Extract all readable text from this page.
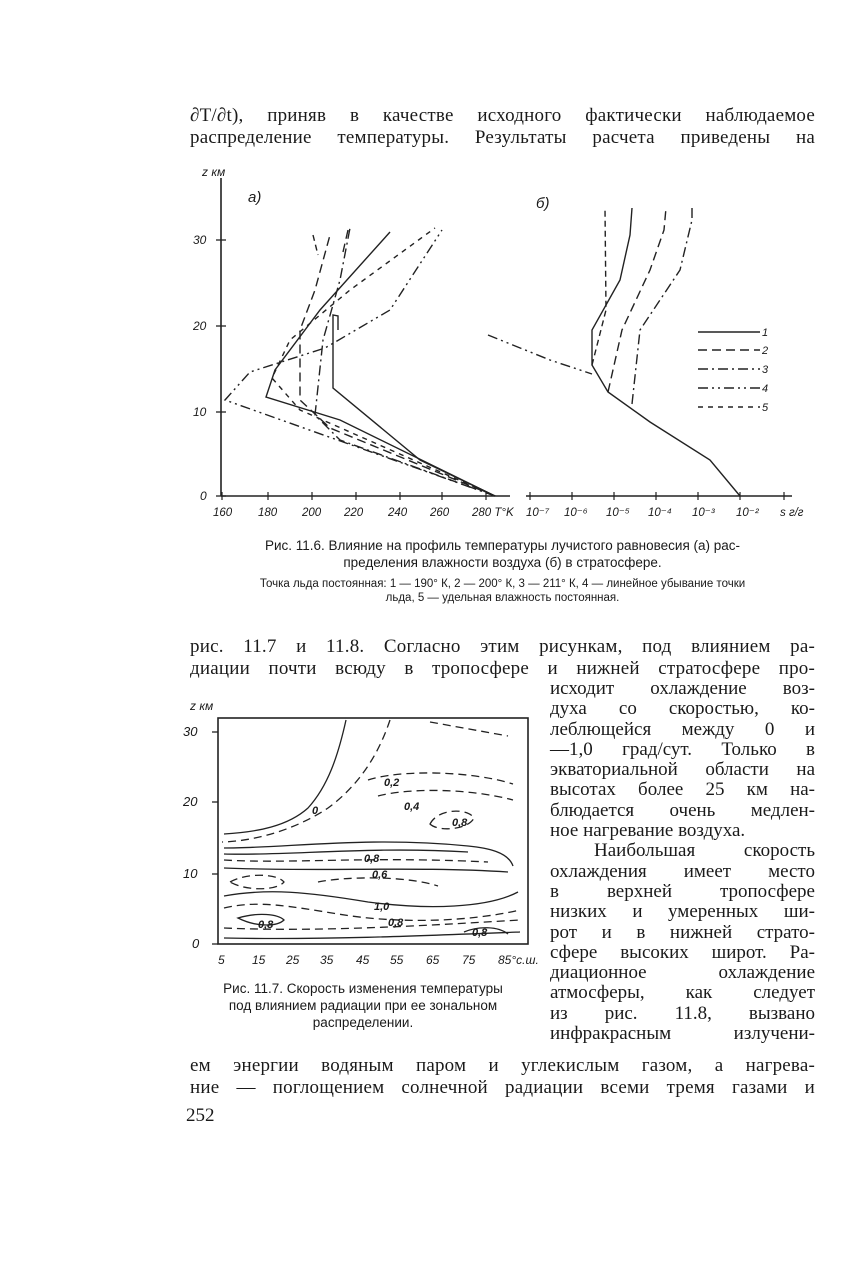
∂T/∂t), приняв в качестве исходного фактически наблюдаемое
распределение температуры. Результаты расчета приведены на
z км
0
10
20
30
а)	б)
160 180 200 220 240 260 280 T°K 10⁻⁷ 10⁻⁶ 10⁻⁵ 10⁻⁴ 10⁻³ 10⁻² s г/г
1
2
3
4
5
Рис. 11.6. Влияние на профиль температуры лучистого равновесия (а) рас-
пределения влажности воздуха (б) в стратосфере.
Точка льда постоянная: 1 — 190° К, 2 — 200° К, 3 — 211° К, 4 — линейное убывание точки
льда, 5 — удельная влажность постоянная.
рис. 11.7 и 11.8. Согласно этим рисункам, под влиянием ра-
диации почти всюду в тропосфере и нижней стратосфере про-
z км
0
10
20
30
5 15 25 35 45 55 65 75 85°с.ш.
0,2
0	0,4
0,8
0,8
0,6
1,0
0,8	0,8
0,8
Рис. 11.7. Скорость изменения температуры
под влиянием радиации при ее зональном
распределении.
исходит охлаждение воз-
духа со скоростью, ко-
леблющейся между 0 и
—1,0 град/сут. Только в
экваториальной области на
высотах более 25 км на-
блюдается очень медлен-
ное нагревание воздуха.
Наибольшая скорость
охлаждения имеет место
в верхней тропосфере
низких и умеренных ши-
рот и в нижней страто-
сфере высоких широт. Ра-
диационное охлаждение
атмосферы, как следует
из рис. 11.8, вызвано
инфракрасным излучени-
ем энергии водяным паром и углекислым газом, а нагрева-
ние — поглощением солнечной радиации всеми тремя газами и
252
